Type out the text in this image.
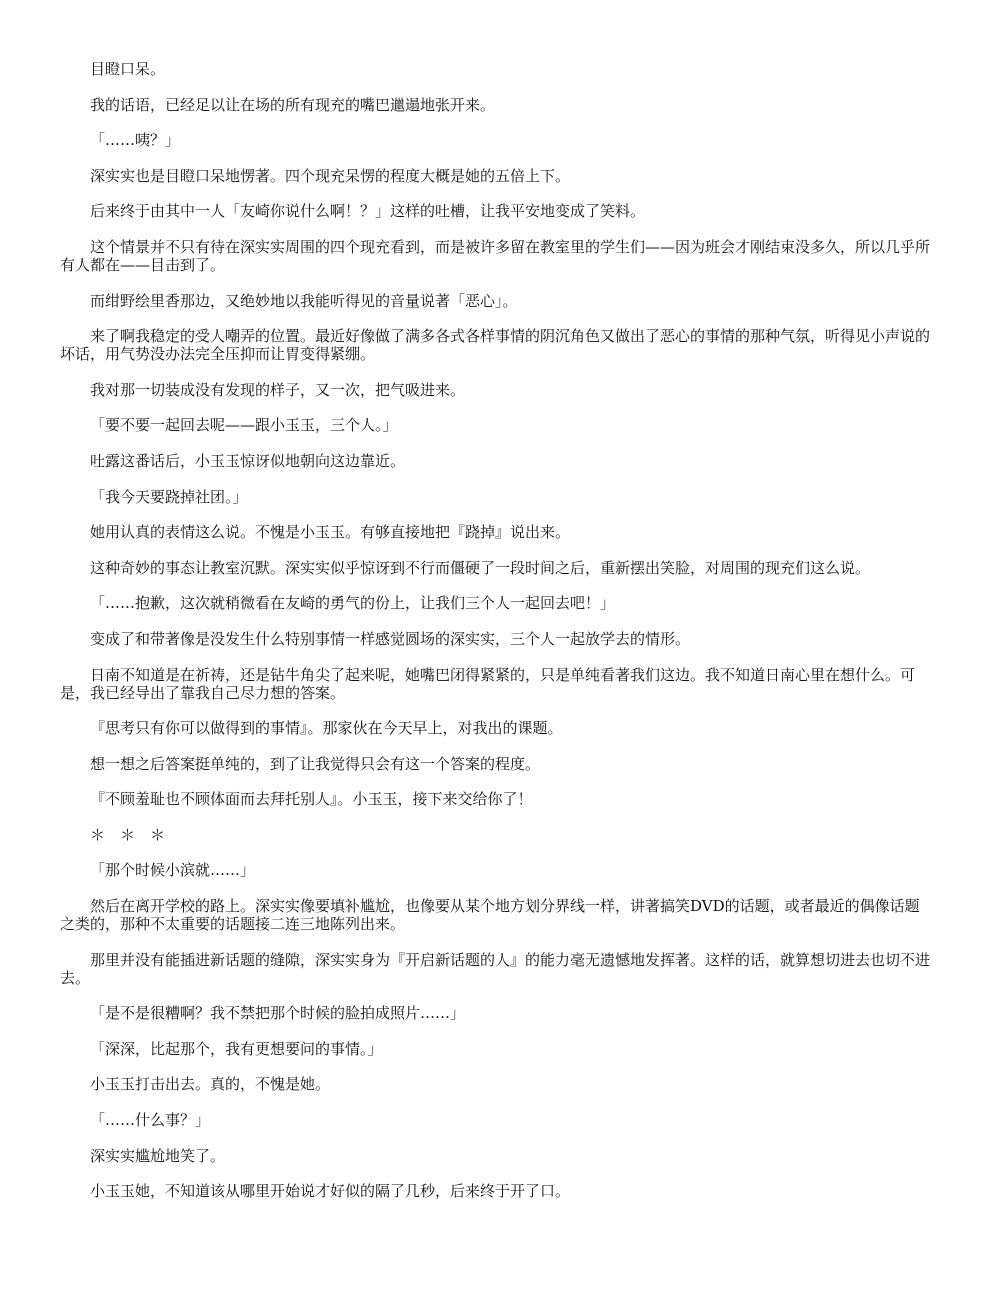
目瞪口呆。

我的话语，已经足以让在场的所有现充的嘴巴邋遢地张开来。

「……咦？」

深实实也是目瞪口呆地愣著。四个现充呆愣的程度大概是她的五倍上下。

后来终于由其中一人「友崎你说什么啊！？」这样的吐槽，让我平安地变成了笑料。

这个情景并不只有待在深实实周围的四个现充看到，而是被许多留在教室里的学生们——因为班会才刚结束没多久，所以几乎所有人都在——目击到了。

而绀野绘里香那边，又绝妙地以我能听得见的音量说著「恶心」。

来了啊我稳定的受人嘲弄的位置。最近好像做了满多各式各样事情的阴沉角色又做出了恶心的事情的那种气氛，听得见小声说的坏话，用气势没办法完全压抑而让胃变得紧绷。

我对那一切装成没有发现的样子，又一次，把气吸进来。

「要不要一起回去呢——跟小玉玉，三个人。」

吐露这番话后，小玉玉惊讶似地朝向这边靠近。

「我今天要跷掉社团。」

她用认真的表情这么说。不愧是小玉玉。有够直接地把『跷掉』说出来。

这种奇妙的事态让教室沉默。深实实似乎惊讶到不行而僵硬了一段时间之后，重新摆出笑脸，对周围的现充们这么说。

「……抱歉，这次就稍微看在友崎的勇气的份上，让我们三个人一起回去吧！」

变成了和带著像是没发生什么特别事情一样感觉圆场的深实实，三个人一起放学去的情形。

日南不知道是在祈祷，还是钻牛角尖了起来呢，她嘴巴闭得紧紧的，只是单纯看著我们这边。我不知道日南心里在想什么。可是，我已经导出了靠我自己尽力想的答案。

『思考只有你可以做得到的事情』。那家伙在今天早上，对我出的课题。

想一想之后答案挺单纯的，到了让我觉得只会有这一个答案的程度。

『不顾羞耻也不顾体面而去拜托别人』。小玉玉，接下来交给你了！

＊　＊　＊

「那个时候小滨就……」

然后在离开学校的路上。深实实像要填补尴尬，也像要从某个地方划分界线一样，讲著搞笑DVD的话题，或者最近的偶像话题之类的，那种不太重要的话题接二连三地陈列出来。

那里并没有能插进新话题的缝隙，深实实身为『开启新话题的人』的能力毫无遗憾地发挥著。这样的话，就算想切进去也切不进去。

「是不是很糟啊？我不禁把那个时候的脸拍成照片……」

「深深，比起那个，我有更想要问的事情。」

小玉玉打击出去。真的，不愧是她。

「……什么事？」

深实实尴尬地笑了。

小玉玉她，不知道该从哪里开始说才好似的隔了几秒，后来终于开了口。
